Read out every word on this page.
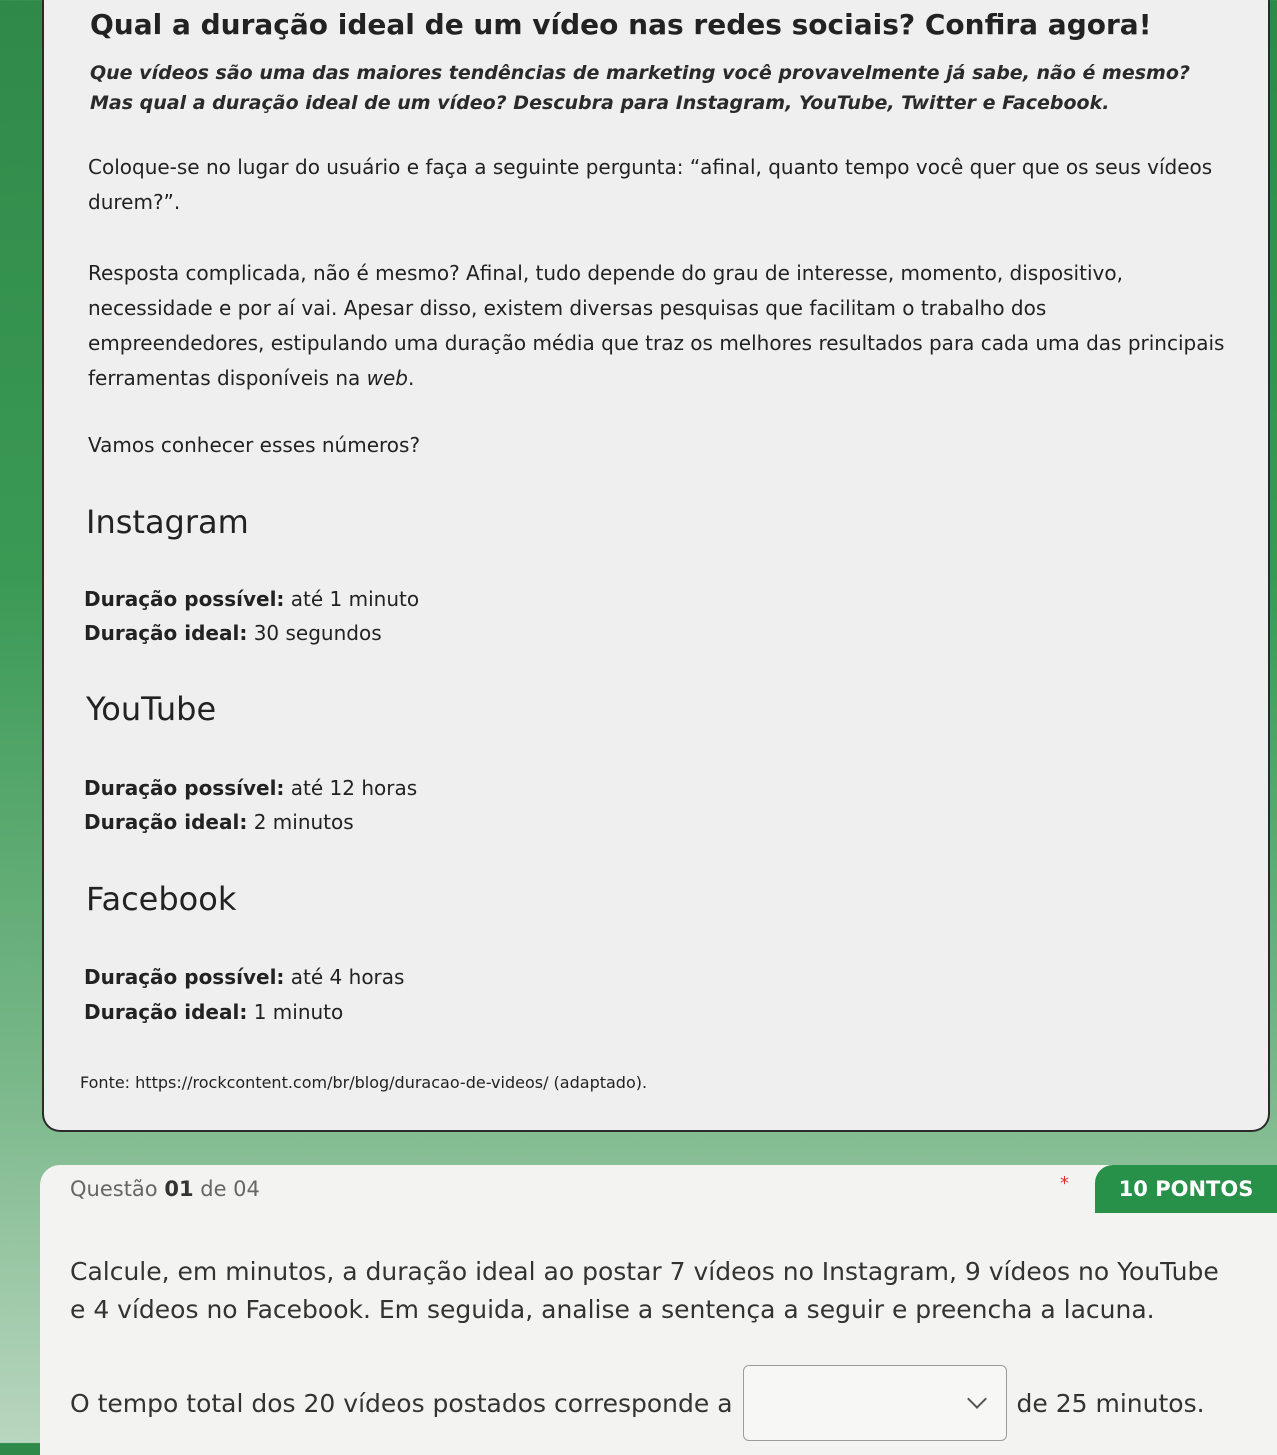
Qual a duração ideal de um vídeo nas redes sociais? Confira agora!
Que vídeos são uma das maiores tendências de marketing você provavelmente já sabe, não é mesmo? Mas qual a duração ideal de um vídeo? Descubra para Instagram, YouTube, Twitter e Facebook.
Coloque-se no lugar do usuário e faça a seguinte pergunta: “afinal, quanto tempo você quer que os seus vídeos durem?”.
Resposta complicada, não é mesmo? Afinal, tudo depende do grau de interesse, momento, dispositivo, necessidade e por aí vai. Apesar disso, existem diversas pesquisas que facilitam o trabalho dos empreendedores, estipulando uma duração média que traz os melhores resultados para cada uma das principais ferramentas disponíveis na web.
Vamos conhecer esses números?
Instagram
Duração possível: até 1 minuto
Duração ideal: 30 segundos
YouTube
Duração possível: até 12 horas
Duração ideal: 2 minutos
Facebook
Duração possível: até 4 horas
Duração ideal: 1 minuto
Fonte: https://rockcontent.com/br/blog/duracao-de-videos/ (adaptado).
Questão 01 de 04	*	10 PONTOS
Calcule, em minutos, a duração ideal ao postar 7 vídeos no Instagram, 9 vídeos no YouTube e 4 vídeos no Facebook. Em seguida, analise a sentença a seguir e preencha a lacuna.
O tempo total dos 20 vídeos postados corresponde a	de 25 minutos.
